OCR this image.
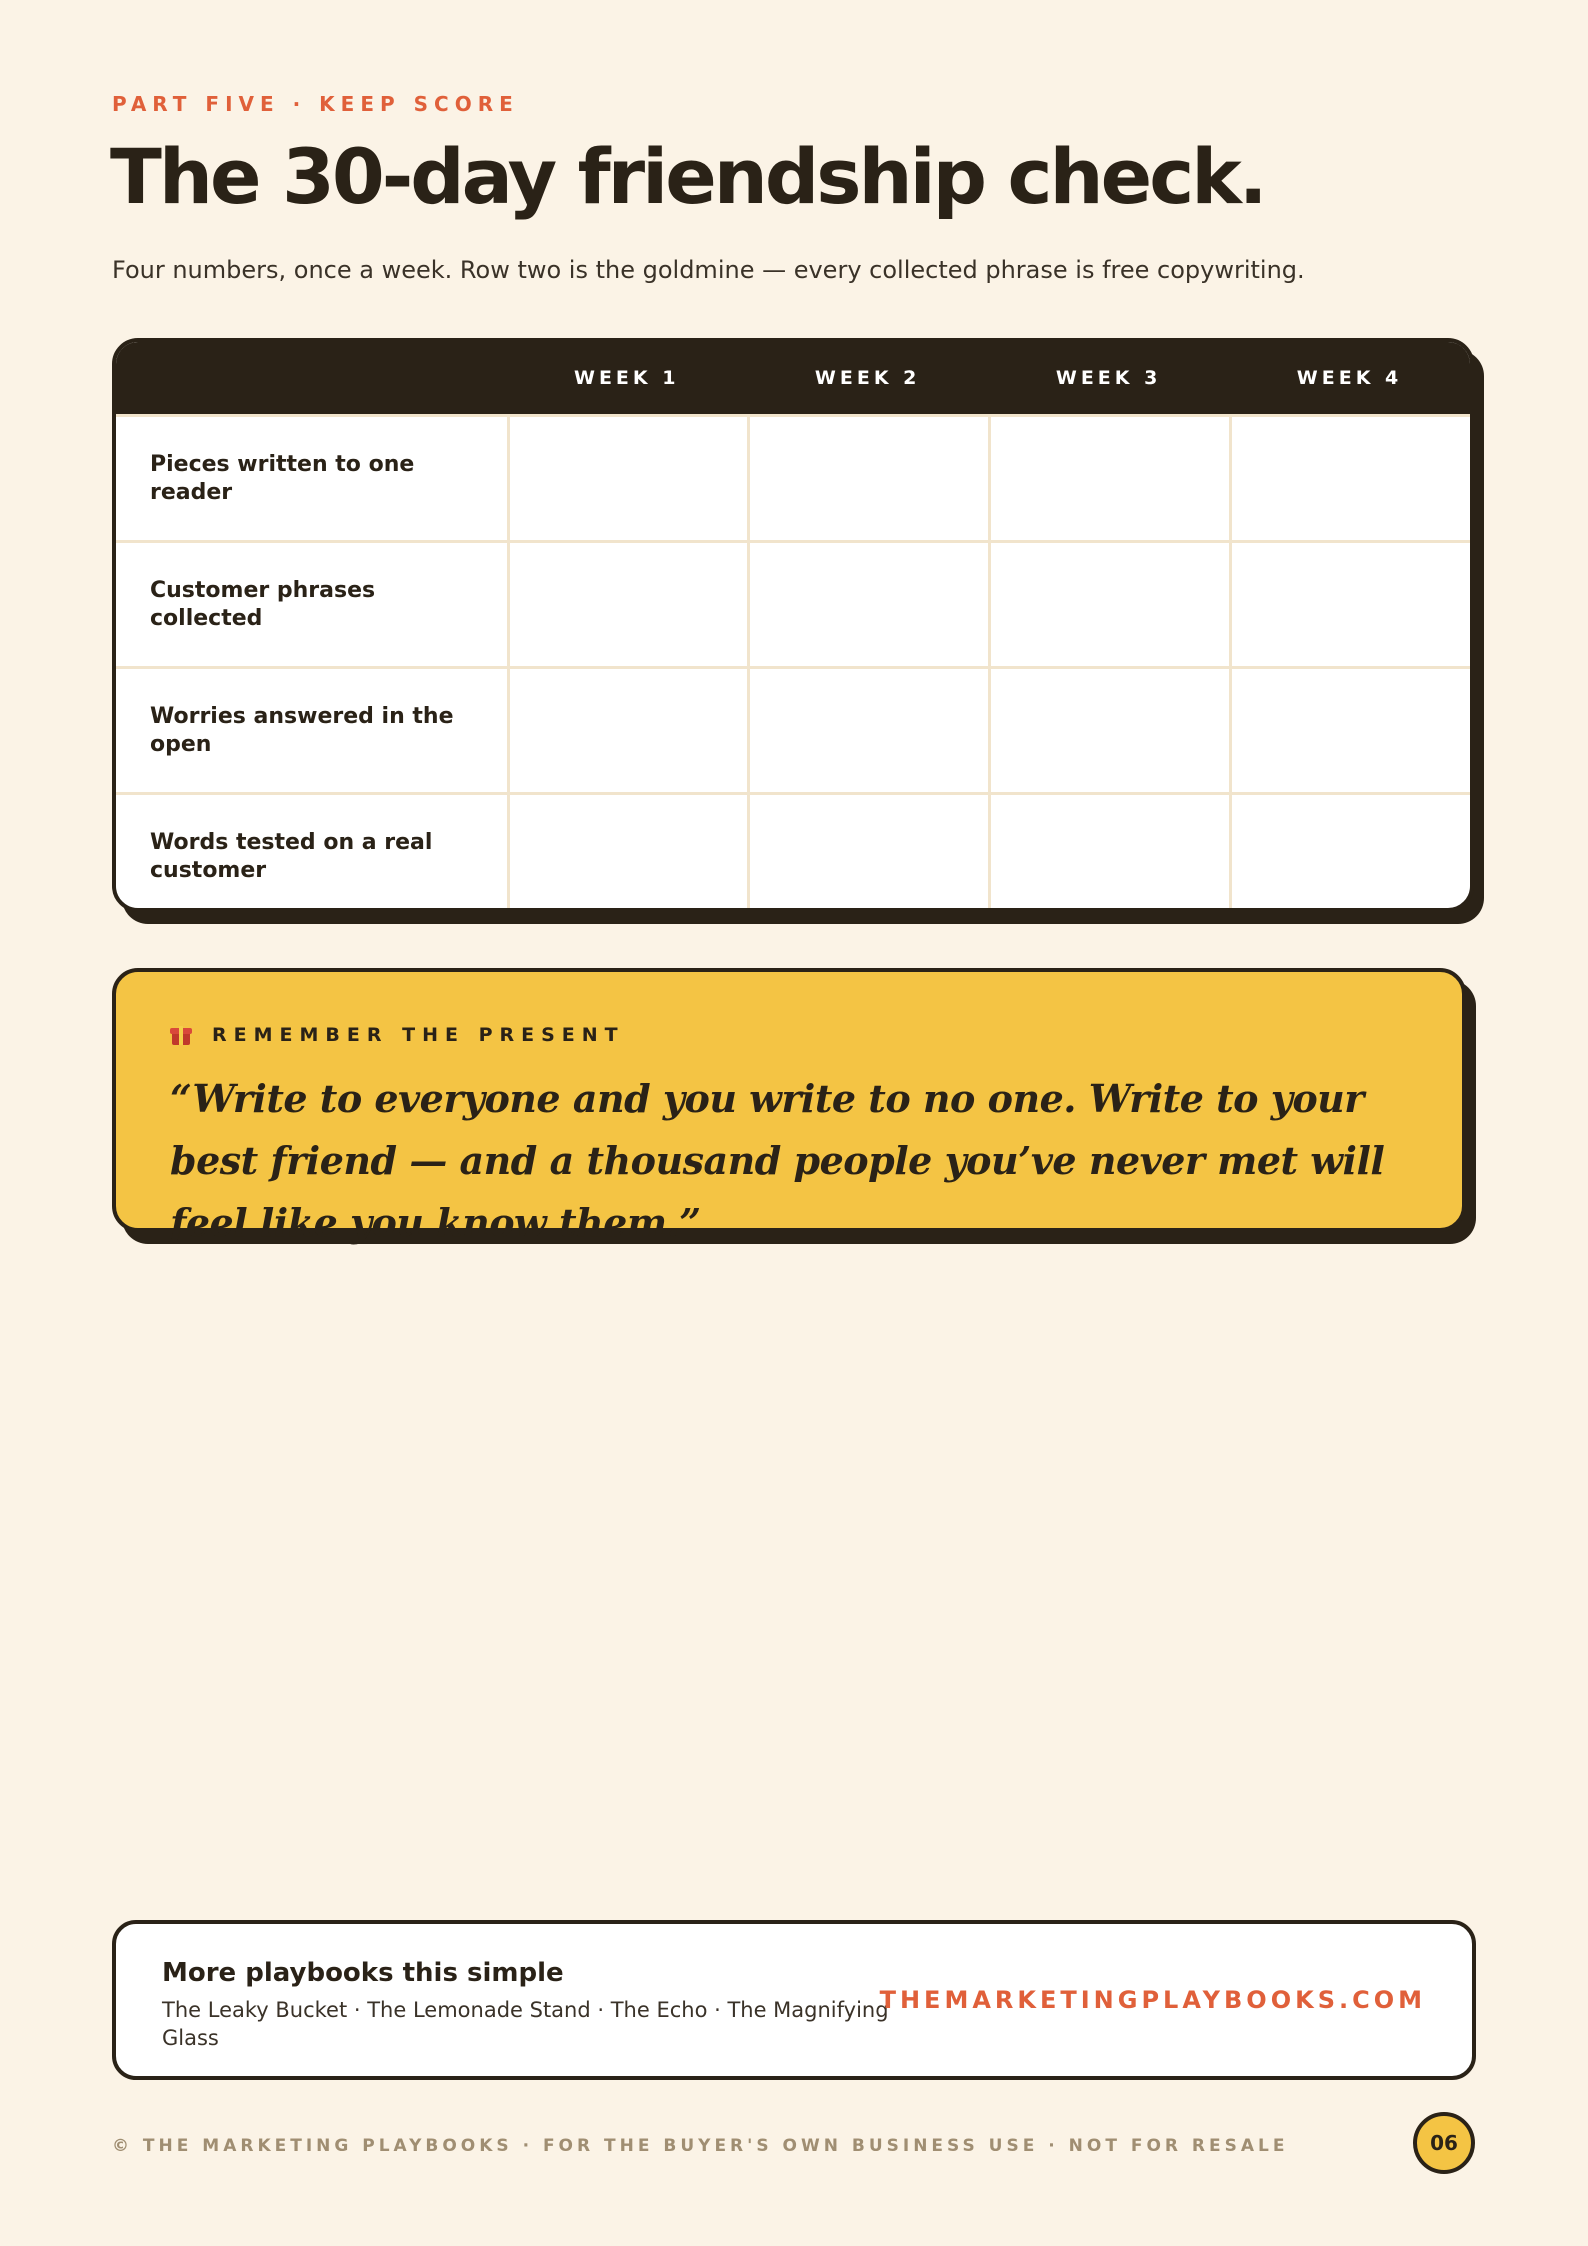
PART FIVE · KEEP SCORE
The 30-day friendship check.

Four numbers, once a week. Row two is the goldmine — every collected phrase is free copywriting.

WEEK 1	WEEK 2	WEEK 3	WEEK 4
Pieces written to one reader
Customer phrases collected
Worries answered in the open
Words tested on a real customer
REMEMBER THE PRESENT

“Write to everyone and you write to no one. Write to your best friend — and a thousand people you’ve never met will feel like you know them.”

More playbooks this simple
The Leaky Bucket · The Lemonade Stand · The Echo · The Magnifying Glass
THEMARKETINGPLAYBOOKS.COM
© THE MARKETING PLAYBOOKS · FOR THE BUYER'S OWN BUSINESS USE · NOT FOR RESALE	06
